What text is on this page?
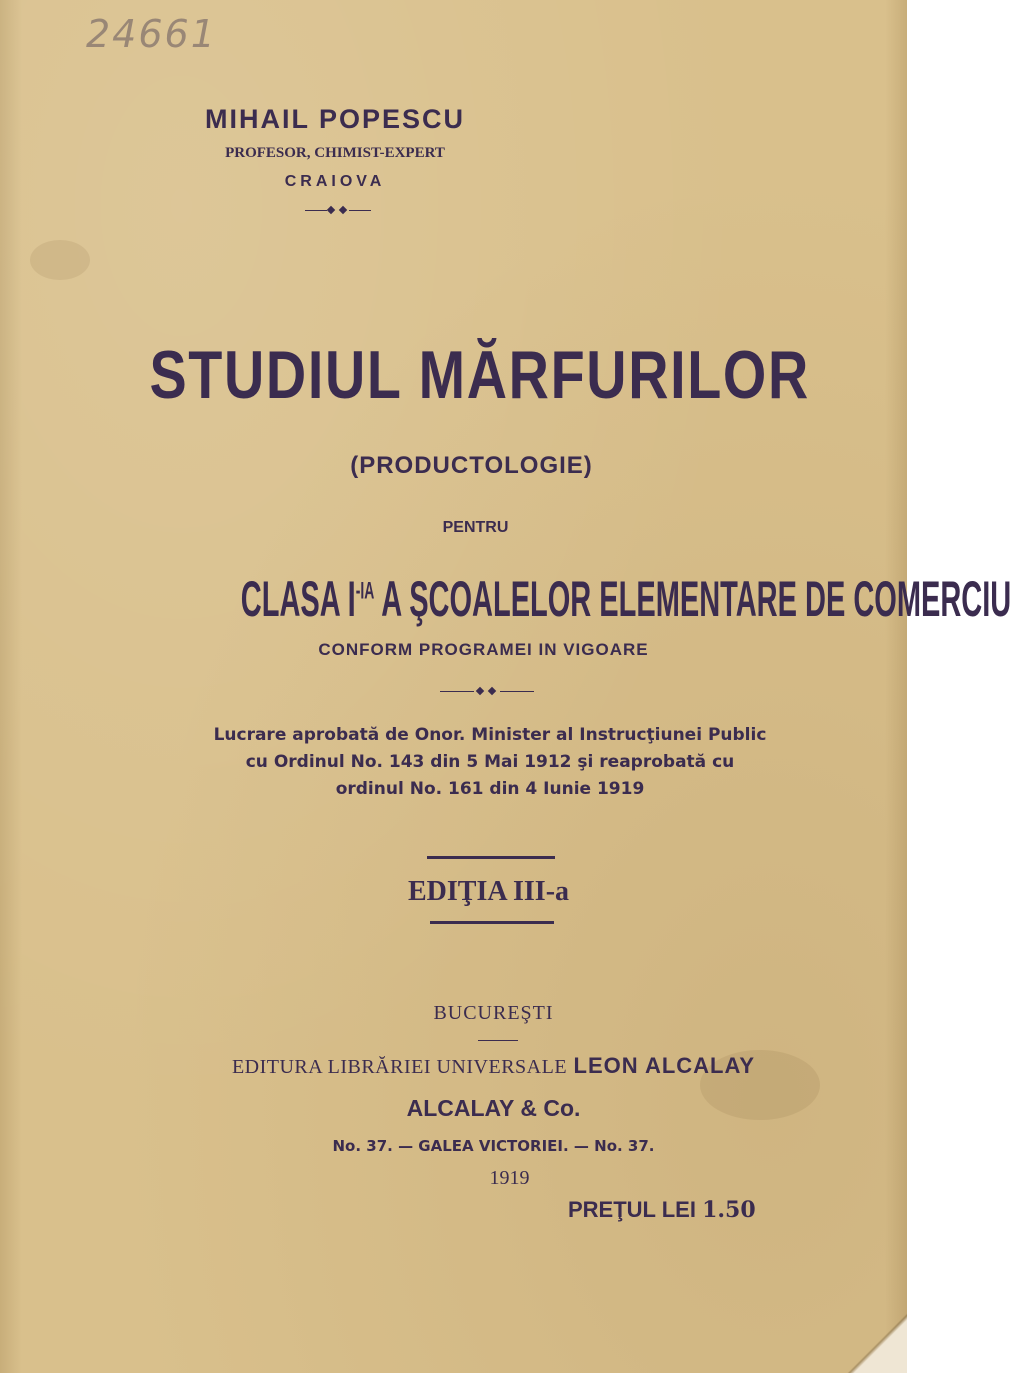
24661
MIHAIL POPESCU
PROFESOR, CHIMIST-EXPERT
CRAIOVA
STUDIUL MĂRFURILOR
(PRODUCTOLOGIE)
PENTRU
CLASA $I^{-IA}$ A ŞCOALELOR ELEMENTARE DE COMERCIU
CONFORM PROGRAMEI IN VIGOARE
Lucrare aprobată de Onor. Minister al Instrucţiunei Public
cu Ordinul No. 143 din 5 Mai 1912 şi reaprobată cu
ordinul No. 161 din 4 Iunie 1919
EDIŢIA III-a
BUCUREŞTI
EDITURA LIBRĂRIEI UNIVERSALE LEON ALCALAY
ALCALAY & Co.
No. 37. — GALEA VICTORIEI. — No. 37.
1919
PREŢUL LEI 1.50
